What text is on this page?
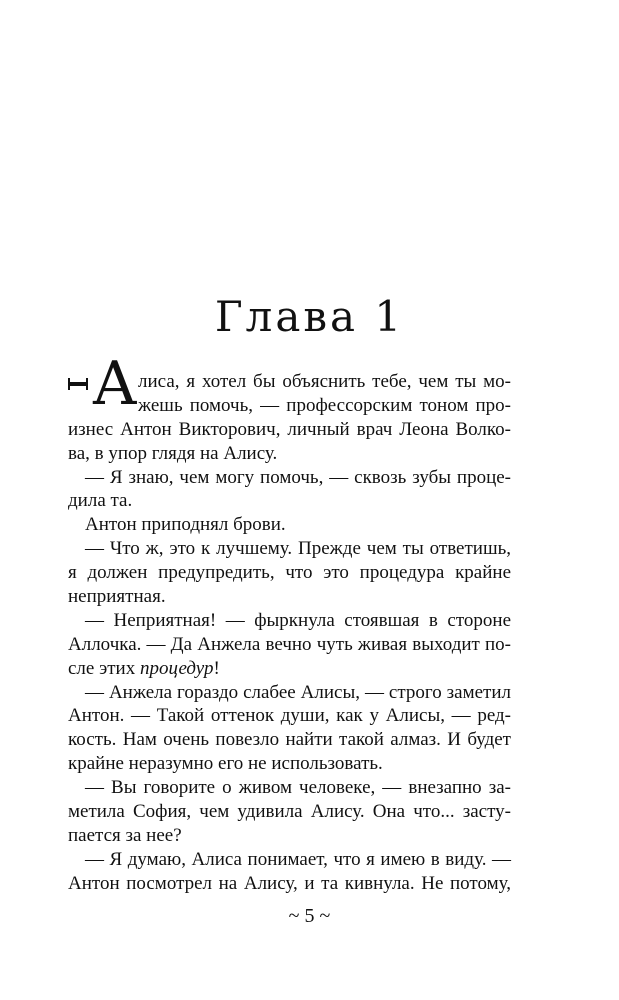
Глава 1
А лиса, я хотел бы объяснить тебе, чем ты мо-
жешь помочь, — профессорским тоном про-
изнес Антон Викторович, личный врач Леона Волко-
ва, в упор глядя на Алису.
— Я знаю, чем могу помочь, — сквозь зубы проце-
дила та.
Антон приподнял брови.
— Что ж, это к лучшему. Прежде чем ты ответишь,
я должен предупредить, что это процедура крайне
неприятная.
— Неприятная! — фыркнула стоявшая в стороне
Аллочка. — Да Анжела вечно чуть живая выходит по-
сле этих процедур!
— Анжела гораздо слабее Алисы, — строго заметил
Антон. — Такой оттенок души, как у Алисы, — ред-
кость. Нам очень повезло найти такой алмаз. И будет
крайне неразумно его не использовать.
— Вы говорите о живом человеке, — внезапно за-
метила София, чем удивила Алису. Она что... засту-
пается за нее?
— Я думаю, Алиса понимает, что я имею в виду. —
Антон посмотрел на Алису, и та кивнула. Не потому,
~ 5 ~
